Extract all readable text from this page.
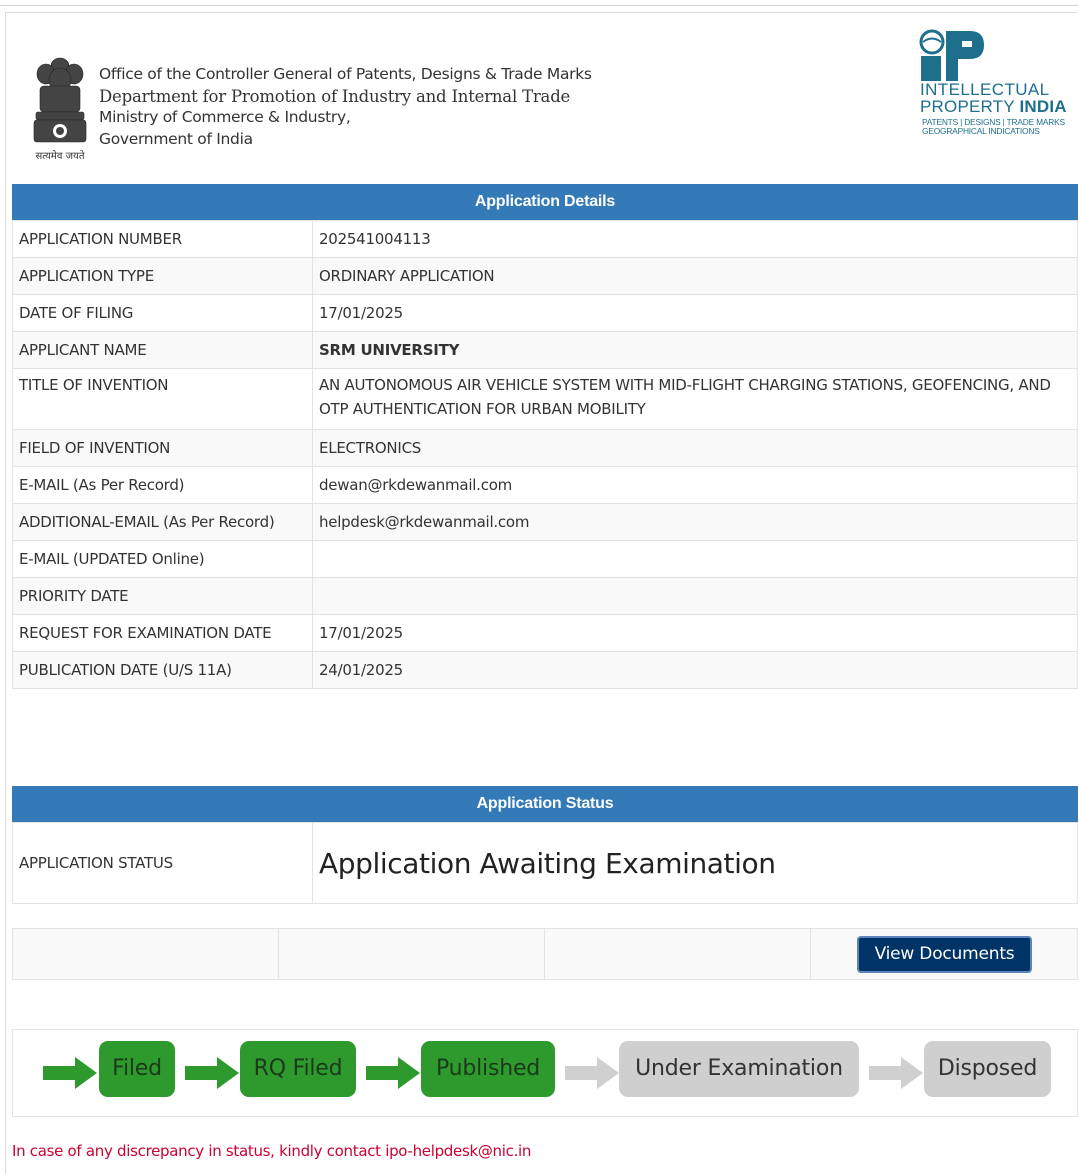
सत्यमेव जयते
Office of the Controller General of Patents, Designs & Trade Marks
Department for Promotion of Industry and Internal Trade
Ministry of Commerce & Industry,
Government of India
INTELLECTUAL
PROPERTY INDIA
PATENTS | DESIGNS | TRADE MARKS
GEOGRAPHICAL INDICATIONS
Application Details
APPLICATION NUMBER	202541004113
APPLICATION TYPE	ORDINARY APPLICATION
DATE OF FILING	17/01/2025
APPLICANT NAME	SRM UNIVERSITY
TITLE OF INVENTION	AN AUTONOMOUS AIR VEHICLE SYSTEM WITH MID-FLIGHT CHARGING STATIONS, GEOFENCING, AND OTP AUTHENTICATION FOR URBAN MOBILITY
FIELD OF INVENTION	ELECTRONICS
E-MAIL (As Per Record)	dewan@rkdewanmail.com
ADDITIONAL-EMAIL (As Per Record)	helpdesk@rkdewanmail.com
E-MAIL (UPDATED Online)	
PRIORITY DATE	
REQUEST FOR EXAMINATION DATE	17/01/2025
PUBLICATION DATE (U/S 11A)	24/01/2025
Application Status
APPLICATION STATUS	Application Awaiting Examination
View Documents
Filed	RQ Filed	Published	Under Examination	Disposed
In case of any discrepancy in status, kindly contact ipo-helpdesk@nic.in
